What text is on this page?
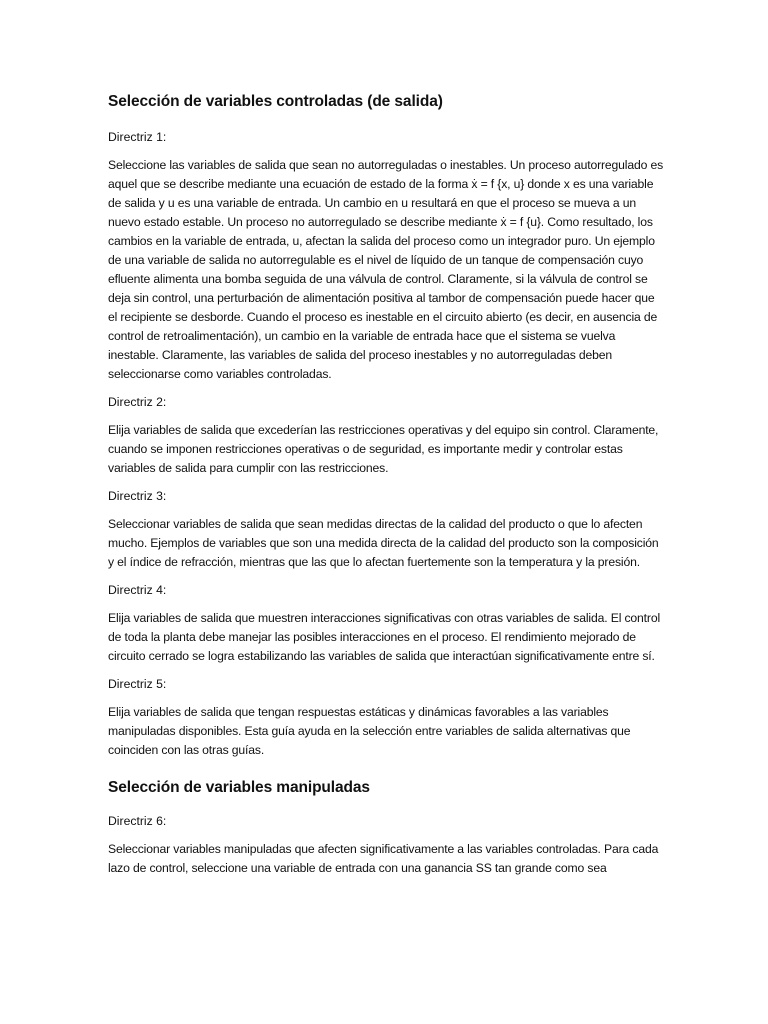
Selección de variables controladas (de salida)

Directriz 1:

Seleccione las variables de salida que sean no autorreguladas o inestables. Un proceso autorregulado es aquel que se describe mediante una ecuación de estado de la forma ẋ = f {x, u} donde x es una variable de salida y u es una variable de entrada. Un cambio en u resultará en que el proceso se mueva a un nuevo estado estable. Un proceso no autorregulado se describe mediante ẋ = f {u}. Como resultado, los cambios en la variable de entrada, u, afectan la salida del proceso como un integrador puro. Un ejemplo de una variable de salida no autorregulable es el nivel de líquido de un tanque de compensación cuyo efluente alimenta una bomba seguida de una válvula de control. Claramente, si la válvula de control se deja sin control, una perturbación de alimentación positiva al tambor de compensación puede hacer que el recipiente se desborde. Cuando el proceso es inestable en el circuito abierto (es decir, en ausencia de control de retroalimentación), un cambio en la variable de entrada hace que el sistema se vuelva inestable. Claramente, las variables de salida del proceso inestables y no autorreguladas deben seleccionarse como variables controladas.

Directriz 2:

Elija variables de salida que excederían las restricciones operativas y del equipo sin control. Claramente, cuando se imponen restricciones operativas o de seguridad, es importante medir y controlar estas variables de salida para cumplir con las restricciones.

Directriz 3:

Seleccionar variables de salida que sean medidas directas de la calidad del producto o que lo afecten mucho. Ejemplos de variables que son una medida directa de la calidad del producto son la composición y el índice de refracción, mientras que las que lo afectan fuertemente son la temperatura y la presión.

Directriz 4:

Elija variables de salida que muestren interacciones significativas con otras variables de salida. El control de toda la planta debe manejar las posibles interacciones en el proceso. El rendimiento mejorado de circuito cerrado se logra estabilizando las variables de salida que interactúan significativamente entre sí.

Directriz 5:

Elija variables de salida que tengan respuestas estáticas y dinámicas favorables a las variables manipuladas disponibles. Esta guía ayuda en la selección entre variables de salida alternativas que coinciden con las otras guías.

Selección de variables manipuladas

Directriz 6:

Seleccionar variables manipuladas que afecten significativamente a las variables controladas. Para cada lazo de control, seleccione una variable de entrada con una ganancia SS tan grande como sea
